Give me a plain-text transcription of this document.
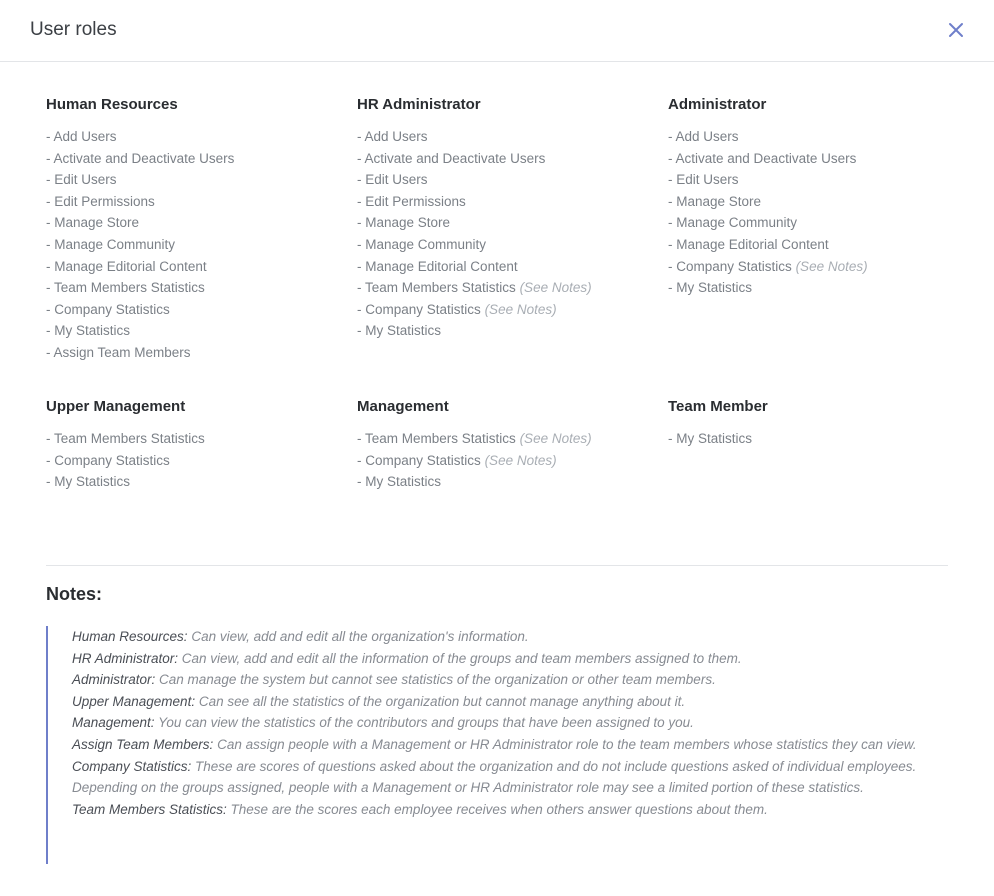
User roles
Human Resources
- Add Users
- Activate and Deactivate Users
- Edit Users
- Edit Permissions
- Manage Store
- Manage Community
- Manage Editorial Content
- Team Members Statistics
- Company Statistics
- My Statistics
- Assign Team Members
HR Administrator
- Add Users
- Activate and Deactivate Users
- Edit Users
- Edit Permissions
- Manage Store
- Manage Community
- Manage Editorial Content
- Team Members Statistics (See Notes)
- Company Statistics (See Notes)
- My Statistics
Administrator
- Add Users
- Activate and Deactivate Users
- Edit Users
- Manage Store
- Manage Community
- Manage Editorial Content
- Company Statistics (See Notes)
- My Statistics
Upper Management
- Team Members Statistics
- Company Statistics
- My Statistics
Management
- Team Members Statistics (See Notes)
- Company Statistics (See Notes)
- My Statistics
Team Member
- My Statistics
Notes:

Human Resources: Can view, add and edit all the organization's information.

HR Administrator: Can view, add and edit all the information of the groups and team members assigned to them.

Administrator: Can manage the system but cannot see statistics of the organization or other team members.

Upper Management: Can see all the statistics of the organization but cannot manage anything about it.

Management: You can view the statistics of the contributors and groups that have been assigned to you.

Assign Team Members: Can assign people with a Management or HR Administrator role to the team members whose statistics they can view.

Company Statistics: These are scores of questions asked about the organization and do not include questions asked of individual employees. Depending on the groups assigned, people with a Management or HR Administrator role may see a limited portion of these statistics.

Team Members Statistics: These are the scores each employee receives when others answer questions about them.
